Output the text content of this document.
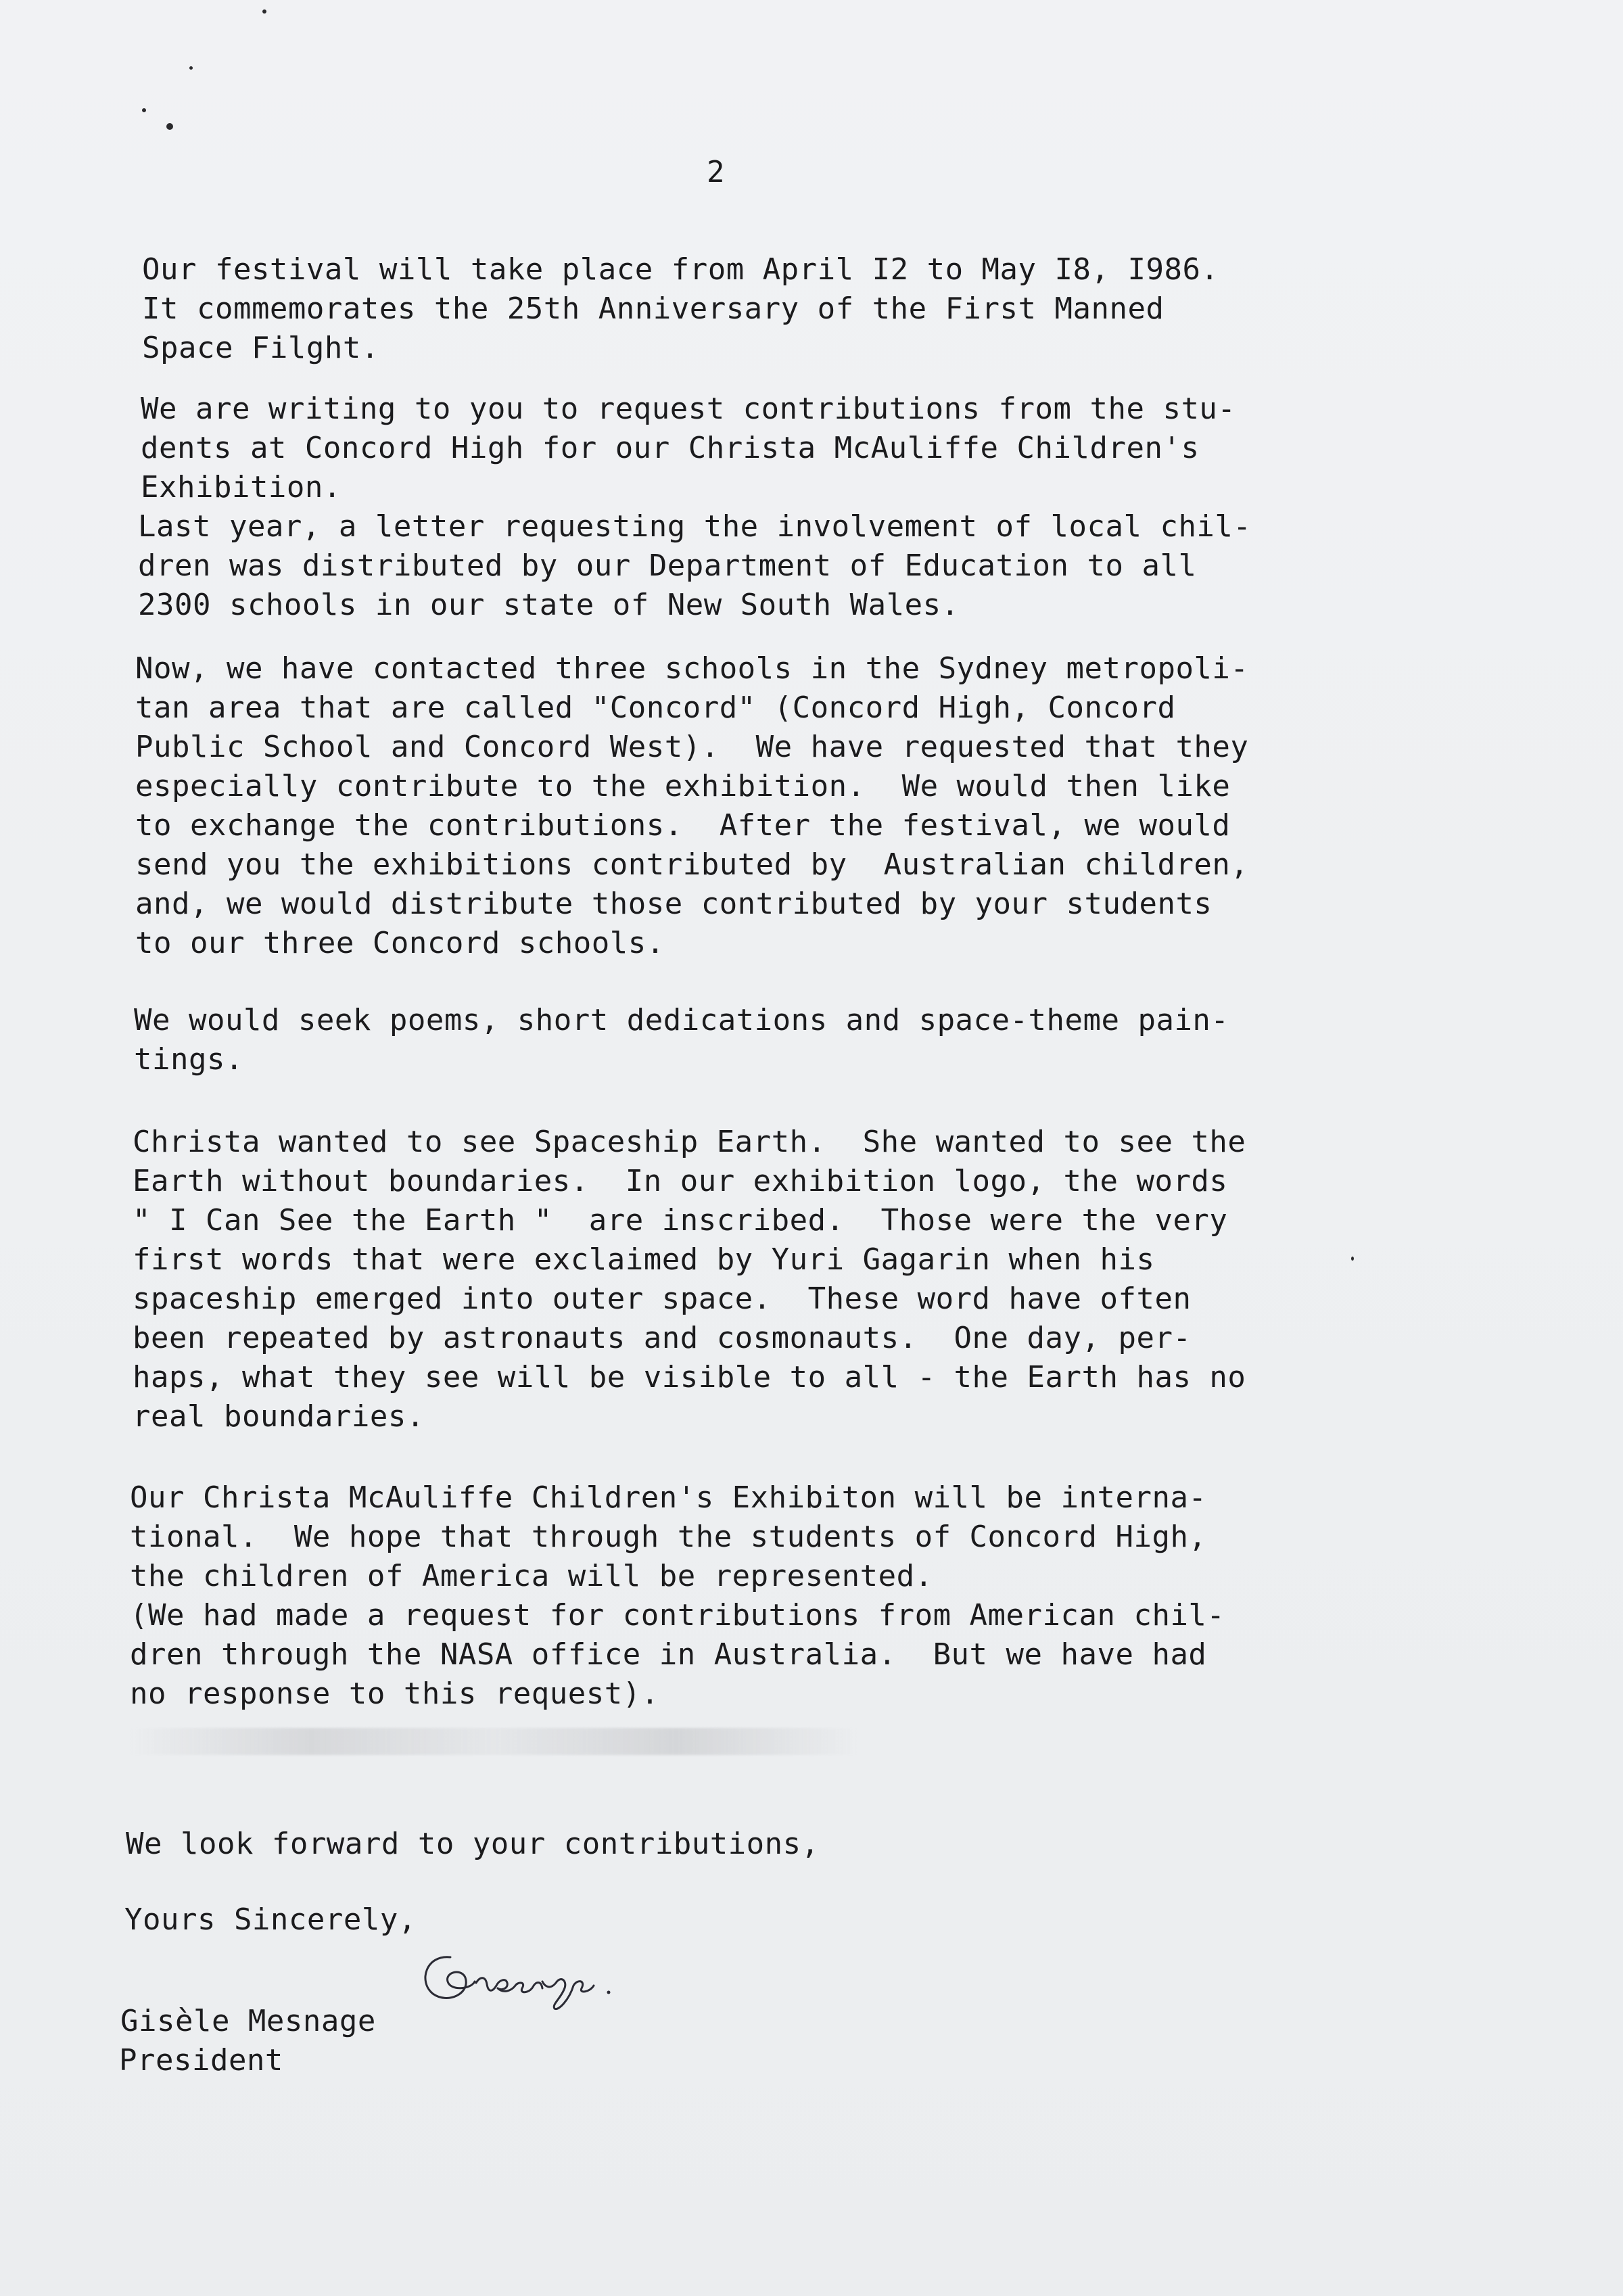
2
Our festival will take place from April I2 to May I8, I986.
It commemorates the 25th Anniversary of the First Manned
Space Filght.
We are writing to you to request contributions from the stu-
dents at Concord High for our Christa McAuliffe Children's
Exhibition.
Last year, a letter requesting the involvement of local chil-
dren was distributed by our Department of Education to all
2300 schools in our state of New South Wales.
Now, we have contacted three schools in the Sydney metropoli-
tan area that are called "Concord" (Concord High, Concord
Public School and Concord West).  We have requested that they
especially contribute to the exhibition.  We would then like
to exchange the contributions.  After the festival, we would
send you the exhibitions contributed by  Australian children,
and, we would distribute those contributed by your students
to our three Concord schools.
We would seek poems, short dedications and space-theme pain-
tings.
Christa wanted to see Spaceship Earth.  She wanted to see the
Earth without boundaries.  In our exhibition logo, the words
" I Can See the Earth "  are inscribed.  Those were the very
first words that were exclaimed by Yuri Gagarin when his
spaceship emerged into outer space.  These word have often
been repeated by astronauts and cosmonauts.  One day, per-
haps, what they see will be visible to all - the Earth has no
real boundaries.
Our Christa McAuliffe Children's Exhibiton will be interna-
tional.  We hope that through the students of Concord High,
the children of America will be represented.
(We had made a request for contributions from American chil-
dren through the NASA office in Australia.  But we have had
no response to this request).
We look forward to your contributions,
Yours Sincerely,
Gisèle Mesnage
President
